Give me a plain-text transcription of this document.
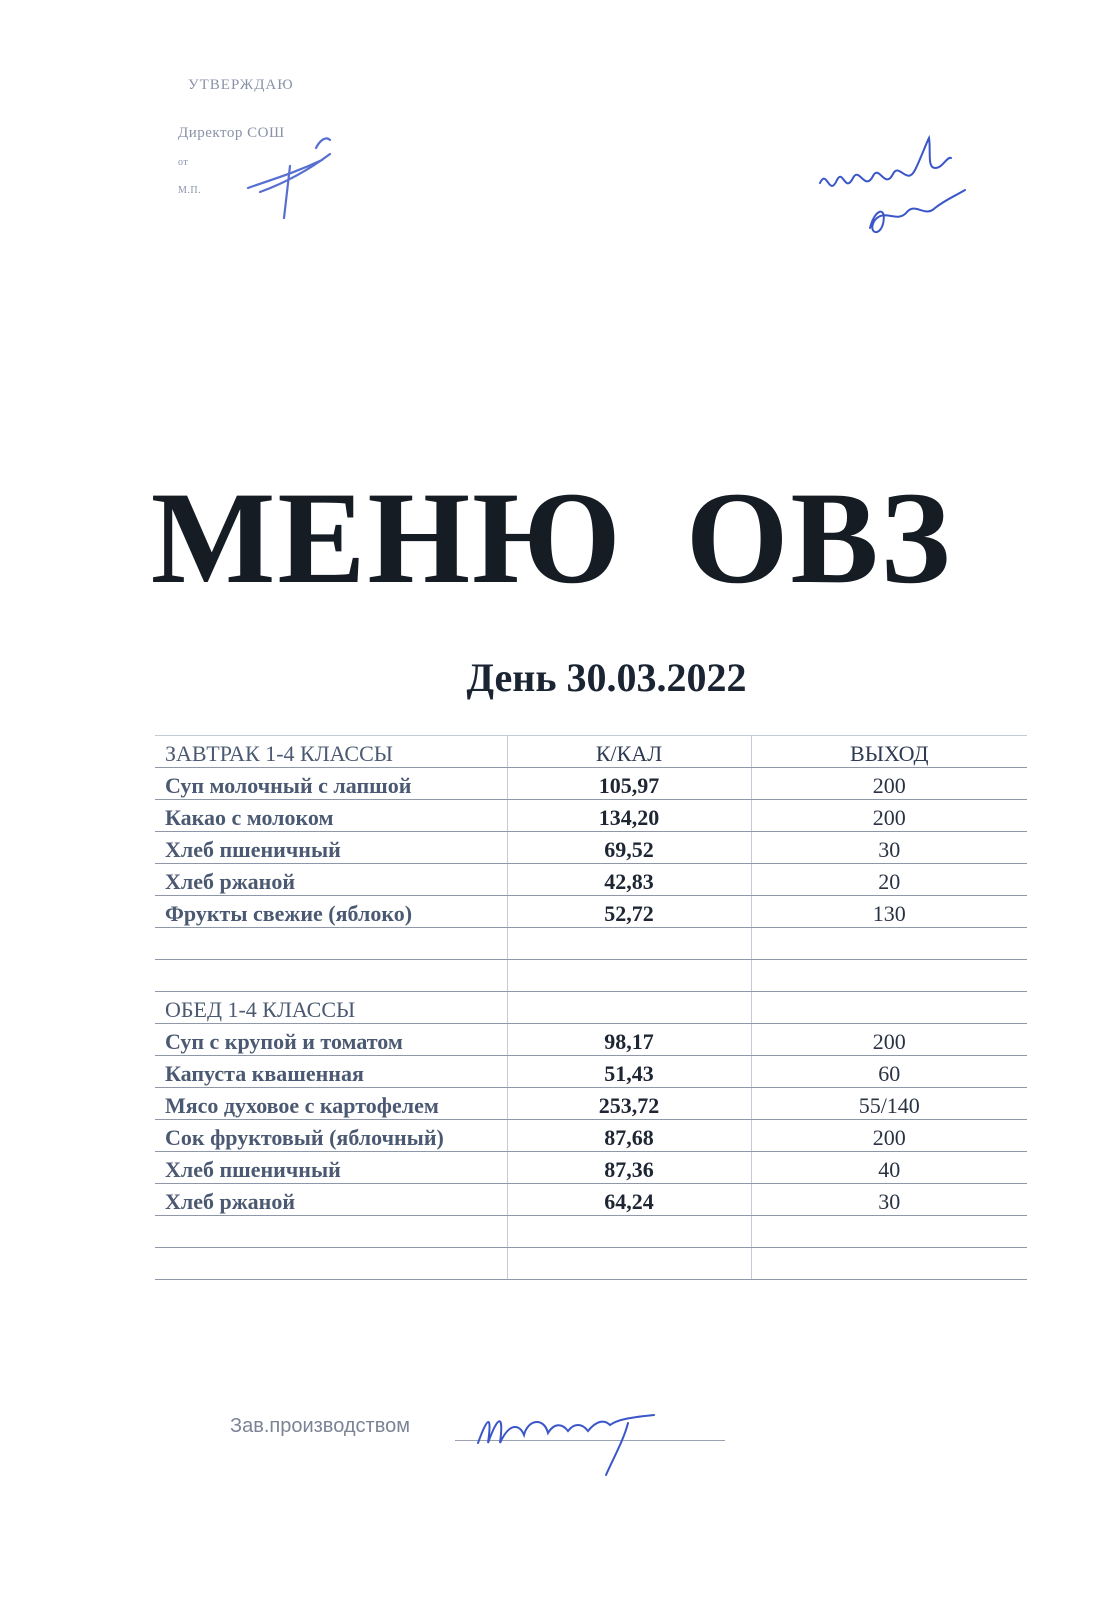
УТВЕРЖДАЮ
Директор СОШ
от
М.П.
МЕНЮ ОВЗ
День 30.03.2022
ЗАВТРАК 1-4 КЛАССЫ	К/КАЛ	ВЫХОД
Суп молочный с лапшой	105,97	200
Какао с молоком	134,20	200
Хлеб пшеничный	69,52	30
Хлеб ржаной	42,83	20
Фрукты свежие (яблоко)	52,72	130

ОБЕД 1-4 КЛАССЫ		
Суп с крупой и томатом	98,17	200
Капуста квашенная	51,43	60
Мясо духовое с картофелем	253,72	55/140
Сок фруктовый (яблочный)	87,68	200
Хлеб пшеничный	87,36	40
Хлеб ржаной	64,24	30

Зав.производством
